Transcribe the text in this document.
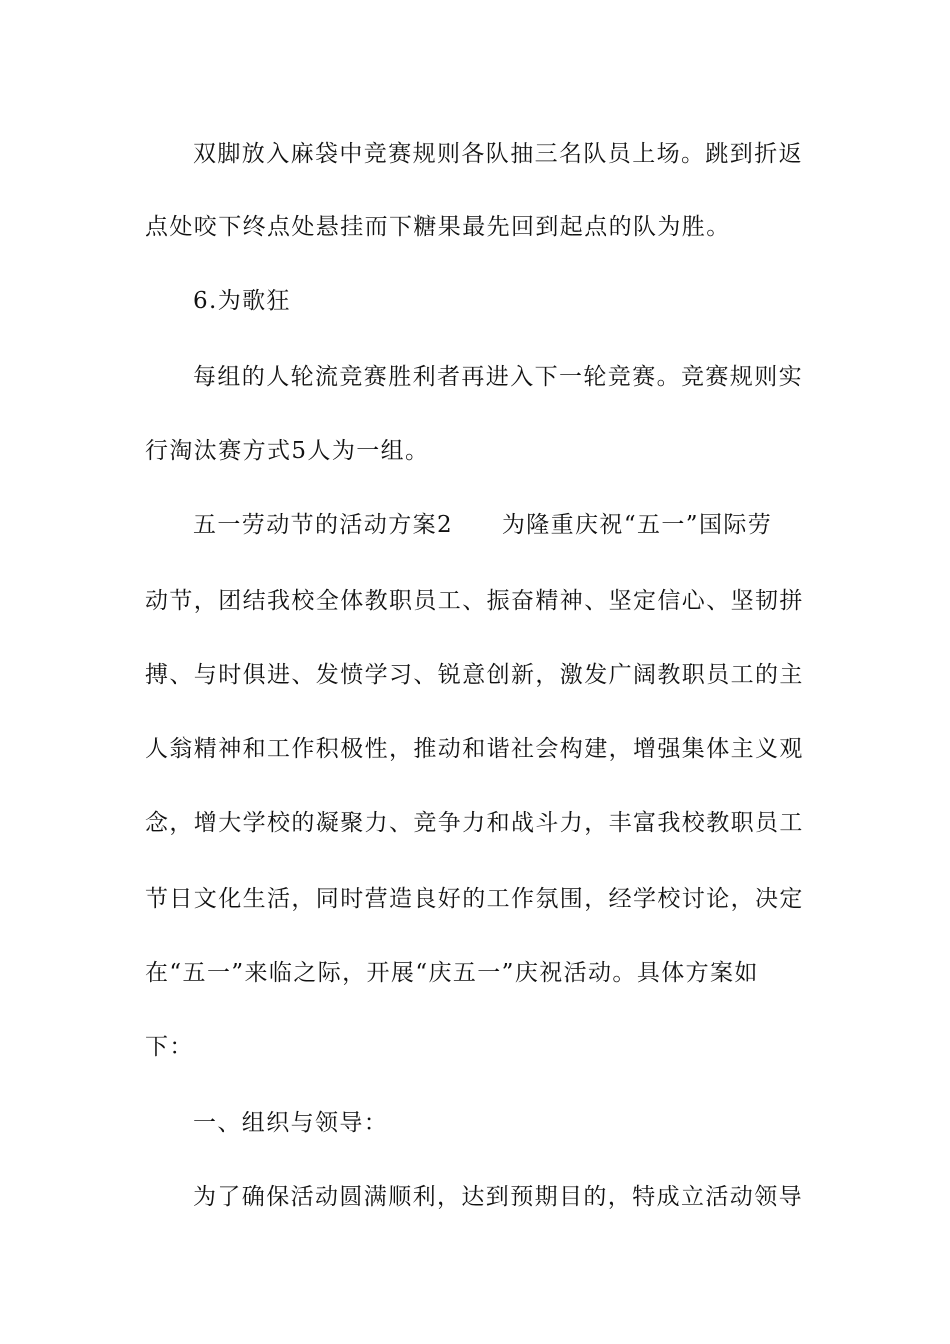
双脚放入麻袋中竞赛规则各队抽三名队员上场。跳到折返
点处咬下终点处悬挂而下糖果最先回到起点的队为胜。
6.为歌狂
每组的人轮流竞赛胜利者再进入下一轮竞赛。竞赛规则实
行淘汰赛方式5人为一组。
五一劳动节的活动方案2　　为隆重庆祝“五一”国际劳
动节，团结我校全体教职员工、振奋精神、坚定信心、坚韧拼
搏、与时俱进、发愤学习、锐意创新，激发广阔教职员工的主
人翁精神和工作积极性，推动和谐社会构建，增强集体主义观
念，增大学校的凝聚力、竞争力和战斗力，丰富我校教职员工
节日文化生活，同时营造良好的工作氛围，经学校讨论，决定
在“五一”来临之际，开展“庆五一”庆祝活动。具体方案如
下：
一、组织与领导：
为了确保活动圆满顺利，达到预期目的，特成立活动领导
